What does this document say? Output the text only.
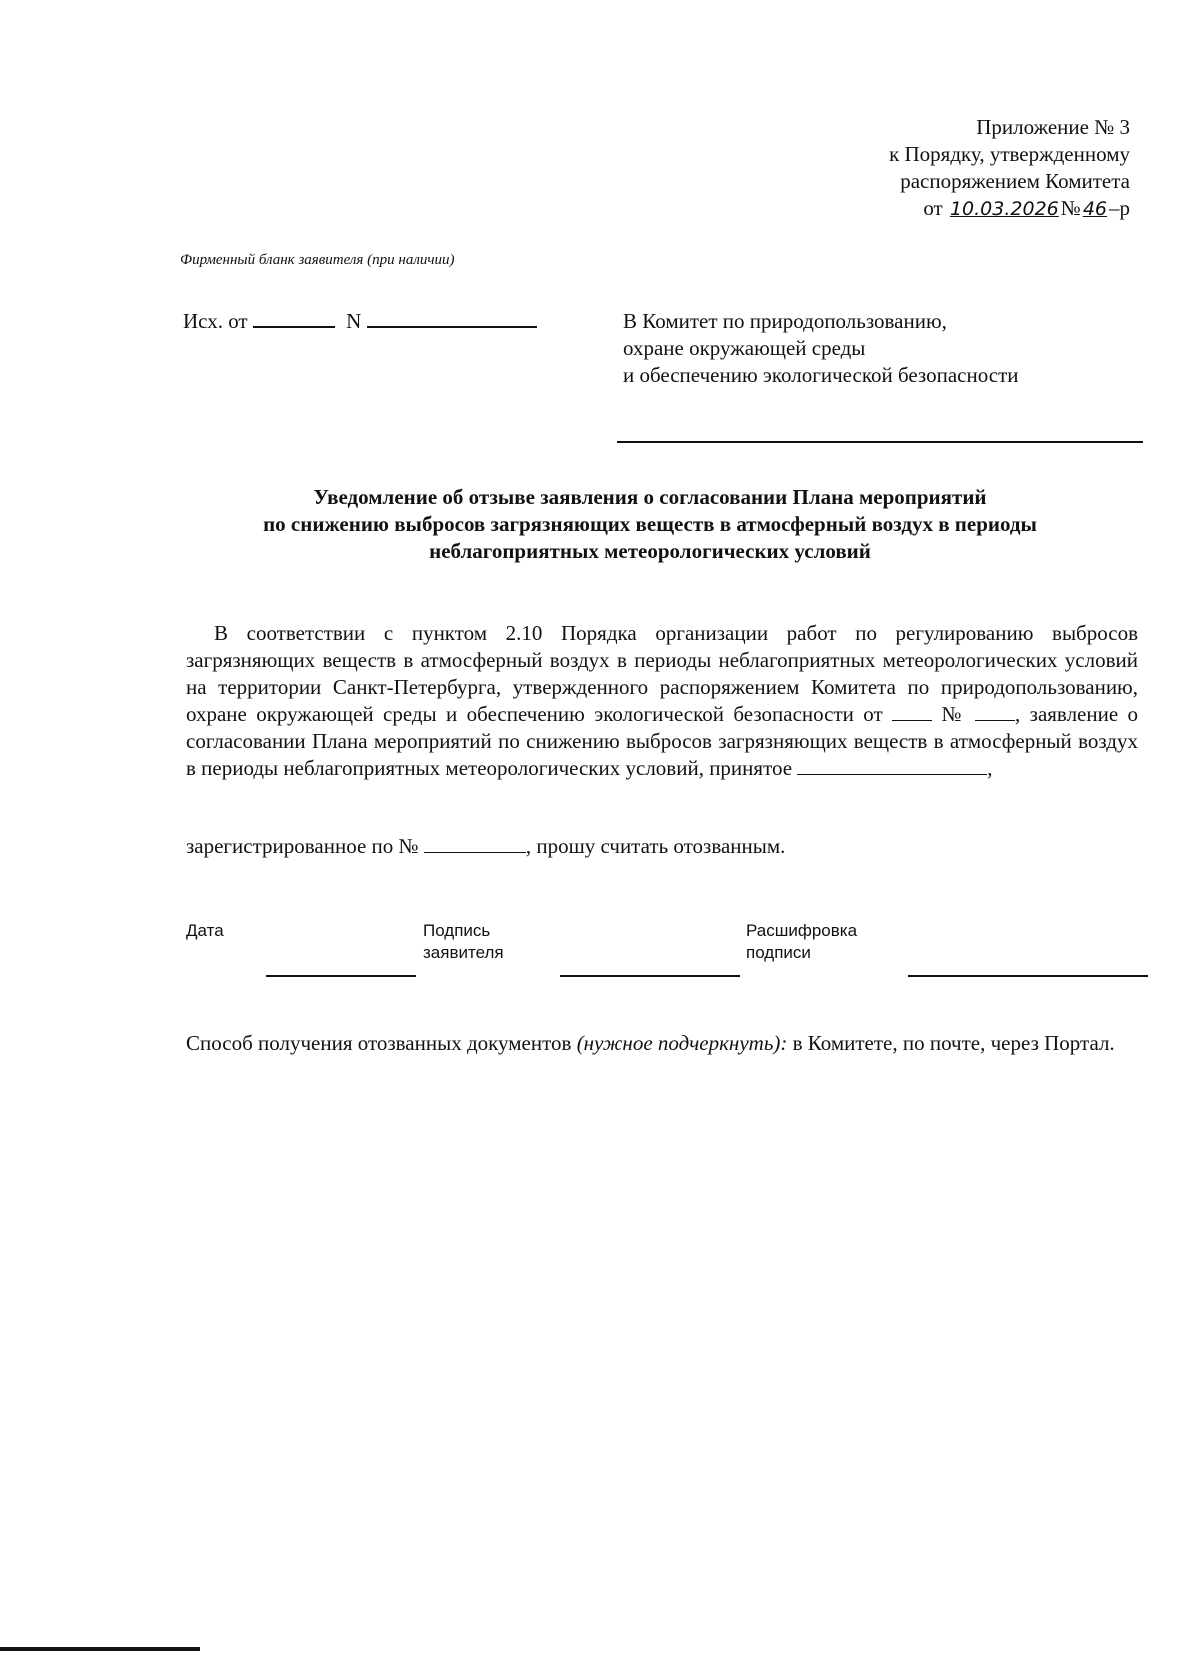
Приложение № 3
к Порядку, утвержденному
распоряжением Комитета
от 10.03.2026№ 46–р
Фирменный бланк заявителя (при наличии)
Исх. от	N	В Комитет по природопользованию,
охране окружающей среды
и обеспечению экологической безопасности
Уведомление об отзыве заявления о согласовании Плана мероприятий
по снижению выбросов загрязняющих веществ в атмосферный воздух в периоды
неблагоприятных метеорологических условий
В соответствии с пунктом 2.10 Порядка организации работ по регулированию выбросов загрязняющих веществ в атмосферный воздух в периоды неблагоприятных метеорологических условий на территории Санкт-Петербурга, утвержденного распоряжением Комитета по природопользованию, охране окружающей среды и обеспечению экологической безопасности от	№ , заявление о согласовании Плана мероприятий по снижению выбросов загрязняющих веществ в атмосферный воздух в периоды неблагоприятных метеорологических условий, принятое	,
зарегистрированное по №	, прошу считать отозванным.
Дата	Подпись
заявителя
Расшифровка
подписи
Способ получения отозванных документов (нужное подчеркнуть): в Комитете, по почте, через Портал.
